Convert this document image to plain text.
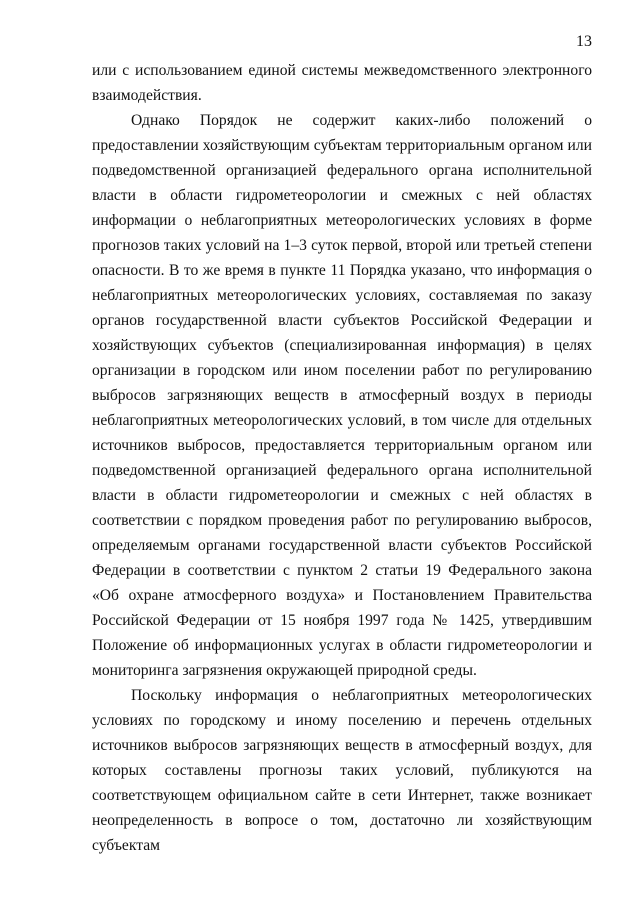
13

или с использованием единой системы межведомственного электронного взаимодействия.

Однако Порядок не содержит каких-либо положений о предоставлении хозяйствующим субъектам территориальным органом или подведомственной организацией федерального органа исполнительной власти в области гидрометеорологии и смежных с ней областях информации о неблагоприятных метеорологических условиях в форме прогнозов таких условий на 1–3 суток первой, второй или третьей степени опасности. В то же время в пункте 11 Порядка указано, что информация о неблагоприятных метеорологических условиях, составляемая по заказу органов государственной власти субъектов Российской Федерации и хозяйствующих субъектов (специализированная информация) в целях организации в городском или ином поселении работ по регулированию выбросов загрязняющих веществ в атмосферный воздух в периоды неблагоприятных метеорологических условий, в том числе для отдельных источников выбросов, предоставляется территориальным органом или подведомственной организацией федерального органа исполнительной власти в области гидрометеорологии и смежных с ней областях в соответствии с порядком проведения работ по регулированию выбросов, определяемым органами государственной власти субъектов Российской Федерации в соответствии с пунктом 2 статьи 19 Федерального закона «Об охране атмосферного воздуха» и Постановлением Правительства Российской Федерации от 15 ноября 1997 года № 1425, утвердившим Положение об информационных услугах в области гидрометеорологии и мониторинга загрязнения окружающей природной среды.

Поскольку информация о неблагоприятных метеорологических условиях по городскому и иному поселению и перечень отдельных источников выбросов загрязняющих веществ в атмосферный воздух, для которых составлены прогнозы таких условий, публикуются на соответствующем официальном сайте в сети Интернет, также возникает неопределенность в вопросе о том, достаточно ли хозяйствующим субъектам
